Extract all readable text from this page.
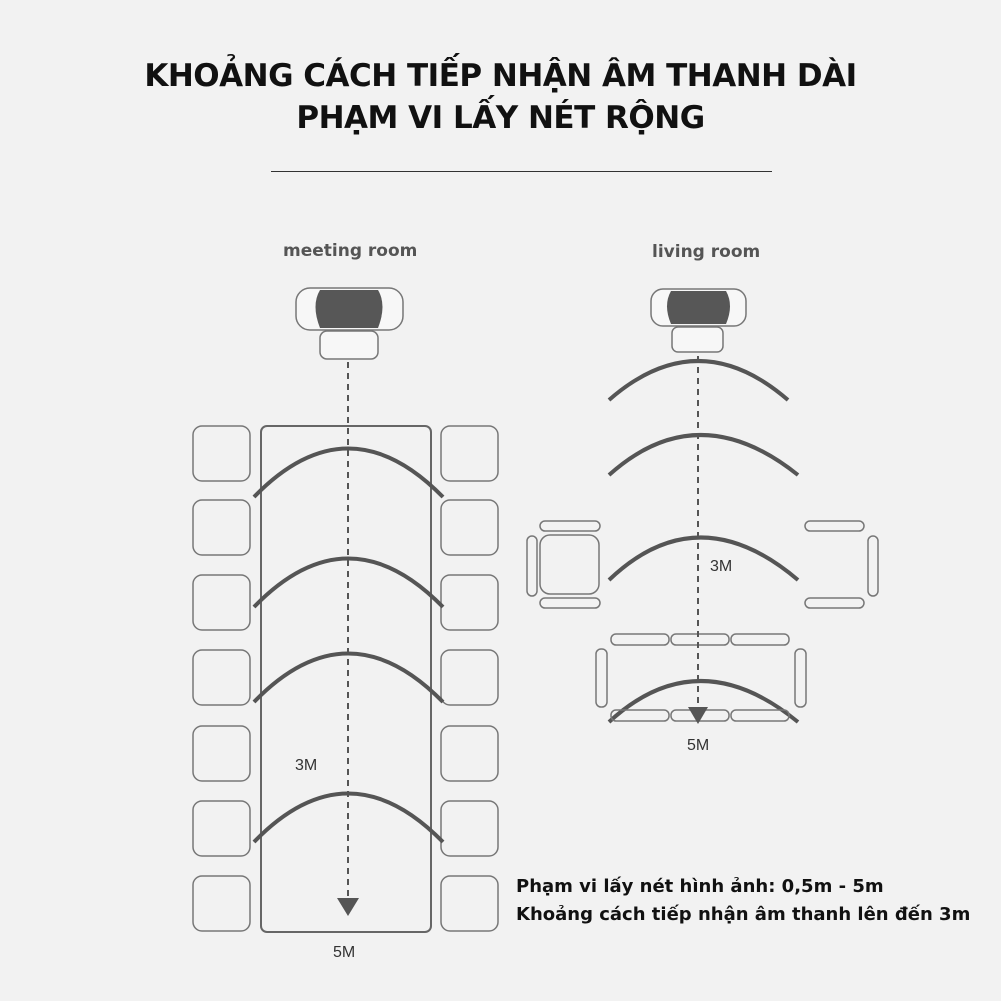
KHOẢNG CÁCH TIẾP NHẬN ÂM THANH DÀI
PHẠM VI LẤY NÉT RỘNG
meeting room	living room
3M
5M
3M
5M
Phạm vi lấy nét hình ảnh: 0,5m - 5m
Khoảng cách tiếp nhận âm thanh lên đến 3m
